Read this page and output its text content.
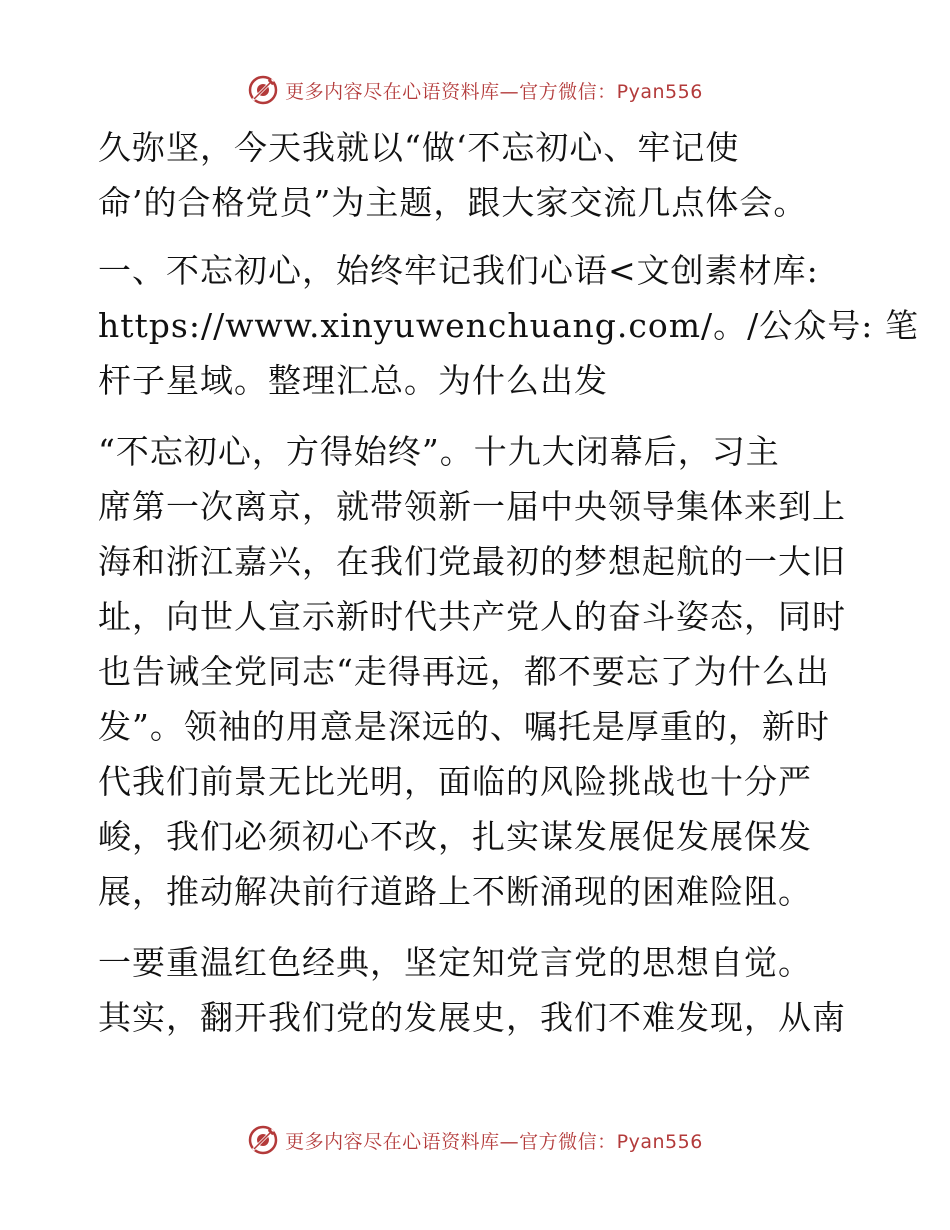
更多内容尽在心语资料库—官方微信：Pyan556
久弥坚，今天我就以“做‘不忘初心、牢记使
命’的合格党员”为主题，跟大家交流几点体会。
一、不忘初心，始终牢记我们心语<文创素材库:
https://www.xinyuwenchuang.com/。/公众号: 笔
杆子星域。整理汇总。为什么出发
“不忘初心，方得始终”。十九大闭幕后，习主
席第一次离京，就带领新一届中央领导集体来到上
海和浙江嘉兴，在我们党最初的梦想起航的一大旧
址，向世人宣示新时代共产党人的奋斗姿态，同时
也告诫全党同志“走得再远，都不要忘了为什么出
发”。领袖的用意是深远的、嘱托是厚重的，新时
代我们前景无比光明，面临的风险挑战也十分严
峻，我们必须初心不改，扎实谋发展促发展保发
展，推动解决前行道路上不断涌现的困难险阻。
一要重温红色经典，坚定知党言党的思想自觉。
其实，翻开我们党的发展史，我们不难发现，从南
更多内容尽在心语资料库—官方微信：Pyan556
